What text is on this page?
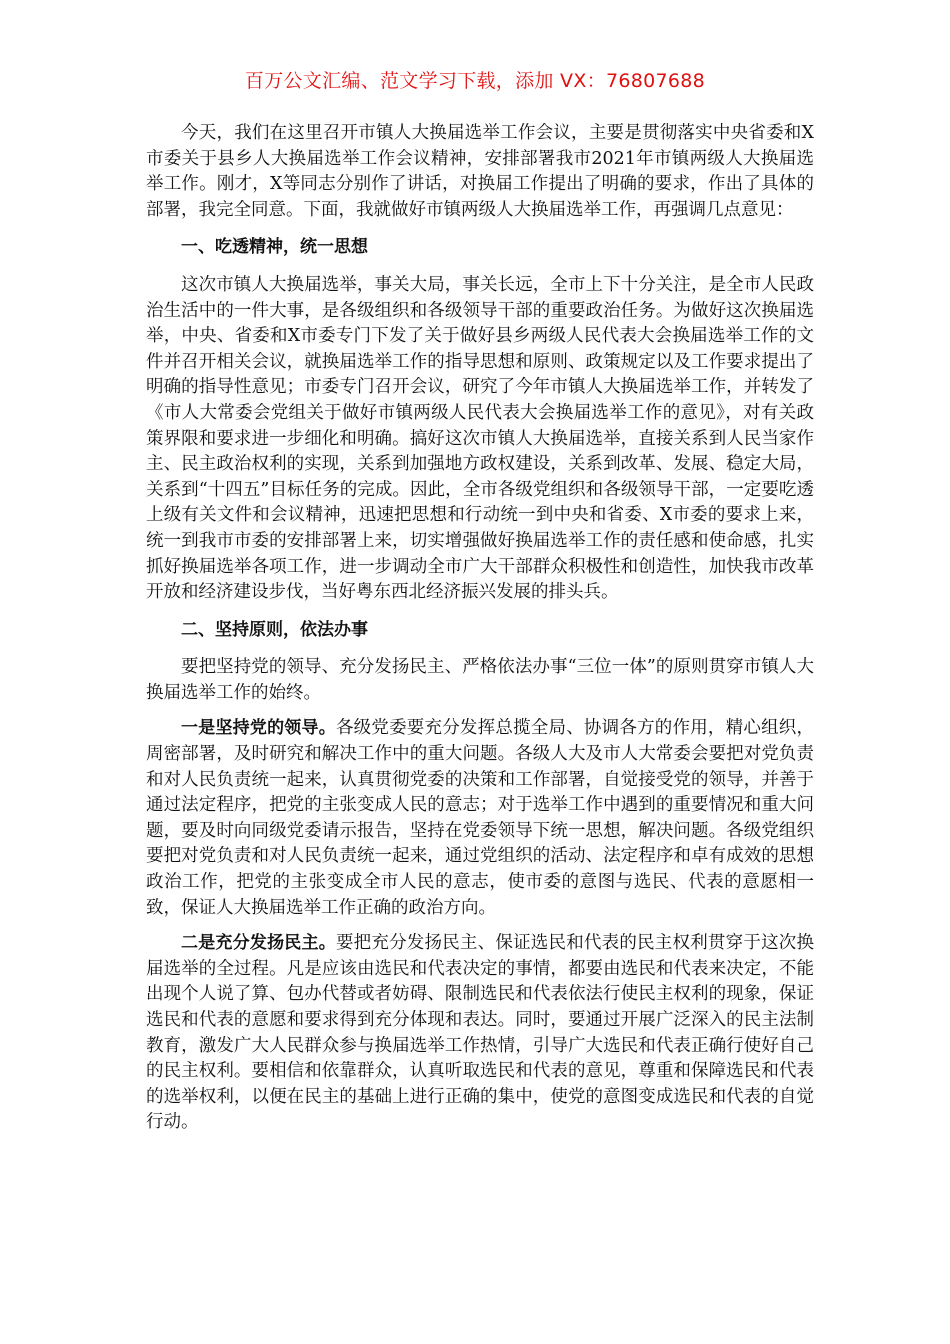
百万公文汇编、范文学习下载，添加 VX：76807688

今天，我们在这里召开市镇人大换届选举工作会议，主要是贯彻落实中央省委和X市委关于县乡人大换届选举工作会议精神，安排部署我市2021年市镇两级人大换届选举工作。刚才，X等同志分别作了讲话，对换届工作提出了明确的要求，作出了具体的部署，我完全同意。下面，我就做好市镇两级人大换届选举工作，再强调几点意见：

一、吃透精神，统一思想

这次市镇人大换届选举，事关大局，事关长远，全市上下十分关注，是全市人民政治生活中的一件大事，是各级组织和各级领导干部的重要政治任务。为做好这次换届选举，中央、省委和X市委专门下发了关于做好县乡两级人民代表大会换届选举工作的文件并召开相关会议，就换届选举工作的指导思想和原则、政策规定以及工作要求提出了明确的指导性意见；市委专门召开会议，研究了今年市镇人大换届选举工作，并转发了《市人大常委会党组关于做好市镇两级人民代表大会换届选举工作的意见》，对有关政策界限和要求进一步细化和明确。搞好这次市镇人大换届选举，直接关系到人民当家作主、民主政治权利的实现，关系到加强地方政权建设，关系到改革、发展、稳定大局，关系到“十四五”目标任务的完成。因此，全市各级党组织和各级领导干部，一定要吃透上级有关文件和会议精神，迅速把思想和行动统一到中央和省委、X市委的要求上来，统一到我市市委的安排部署上来，切实增强做好换届选举工作的责任感和使命感，扎实抓好换届选举各项工作，进一步调动全市广大干部群众积极性和创造性，加快我市改革开放和经济建设步伐，当好粤东西北经济振兴发展的排头兵。

二、坚持原则，依法办事

要把坚持党的领导、充分发扬民主、严格依法办事“三位一体”的原则贯穿市镇人大换届选举工作的始终。

一是坚持党的领导。各级党委要充分发挥总揽全局、协调各方的作用，精心组织，周密部署，及时研究和解决工作中的重大问题。各级人大及市人大常委会要把对党负责和对人民负责统一起来，认真贯彻党委的决策和工作部署，自觉接受党的领导，并善于通过法定程序，把党的主张变成人民的意志；对于选举工作中遇到的重要情况和重大问题，要及时向同级党委请示报告，坚持在党委领导下统一思想，解决问题。各级党组织要把对党负责和对人民负责统一起来，通过党组织的活动、法定程序和卓有成效的思想政治工作，把党的主张变成全市人民的意志，使市委的意图与选民、代表的意愿相一致，保证人大换届选举工作正确的政治方向。

二是充分发扬民主。要把充分发扬民主、保证选民和代表的民主权利贯穿于这次换届选举的全过程。凡是应该由选民和代表决定的事情，都要由选民和代表来决定，不能出现个人说了算、包办代替或者妨碍、限制选民和代表依法行使民主权利的现象，保证选民和代表的意愿和要求得到充分体现和表达。同时，要通过开展广泛深入的民主法制教育，激发广大人民群众参与换届选举工作热情，引导广大选民和代表正确行使好自己的民主权利。要相信和依靠群众，认真听取选民和代表的意见，尊重和保障选民和代表的选举权利，以便在民主的基础上进行正确的集中，使党的意图变成选民和代表的自觉行动。
